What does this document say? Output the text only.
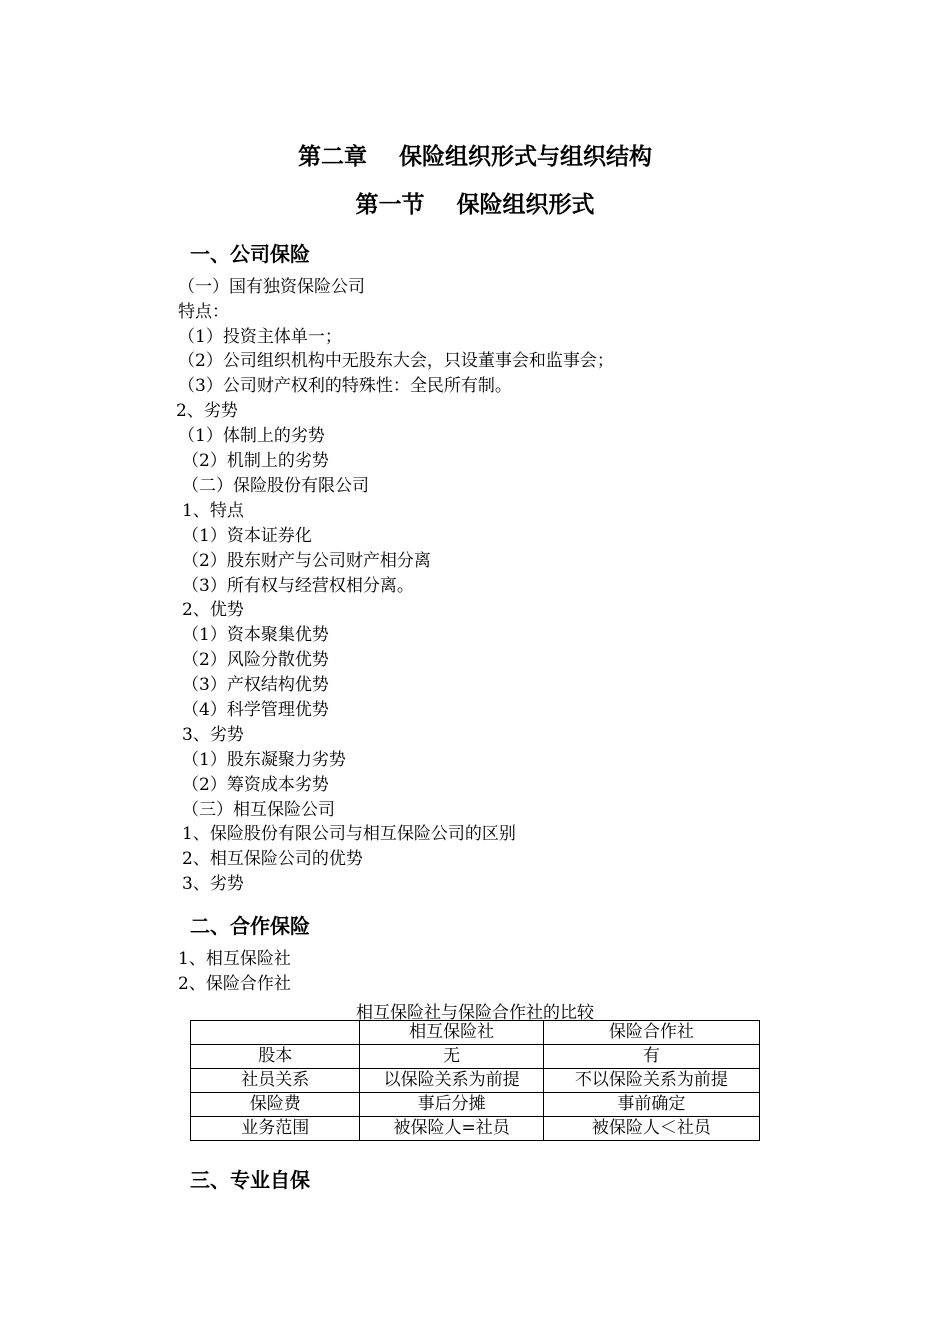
第二章    保险组织形式与组织结构
第一节    保险组织形式
一、公司保险
（一）国有独资保险公司
特点：
（1）投资主体单一；
（2）公司组织机构中无股东大会，只设董事会和监事会；
（3）公司财产权利的特殊性：全民所有制。
2、劣势
（1）体制上的劣势
（2）机制上的劣势
（二）保险股份有限公司
1、特点
（1）资本证券化
（2）股东财产与公司财产相分离
（3）所有权与经营权相分离。
2、优势
（1）资本聚集优势
（2）风险分散优势
（3）产权结构优势
（4）科学管理优势
3、劣势
（1）股东凝聚力劣势
（2）筹资成本劣势
（三）相互保险公司
1、保险股份有限公司与相互保险公司的区别
2、相互保险公司的优势
3、劣势
二、合作保险
1、相互保险社
2、保险合作社
相互保险社与保险合作社的比较
	相互保险社	保险合作社
股本	无	有
社员关系	以保险关系为前提	不以保险关系为前提
保险费	事后分摊	事前确定
业务范围	被保险人=社员	被保险人＜社员
三、专业自保
